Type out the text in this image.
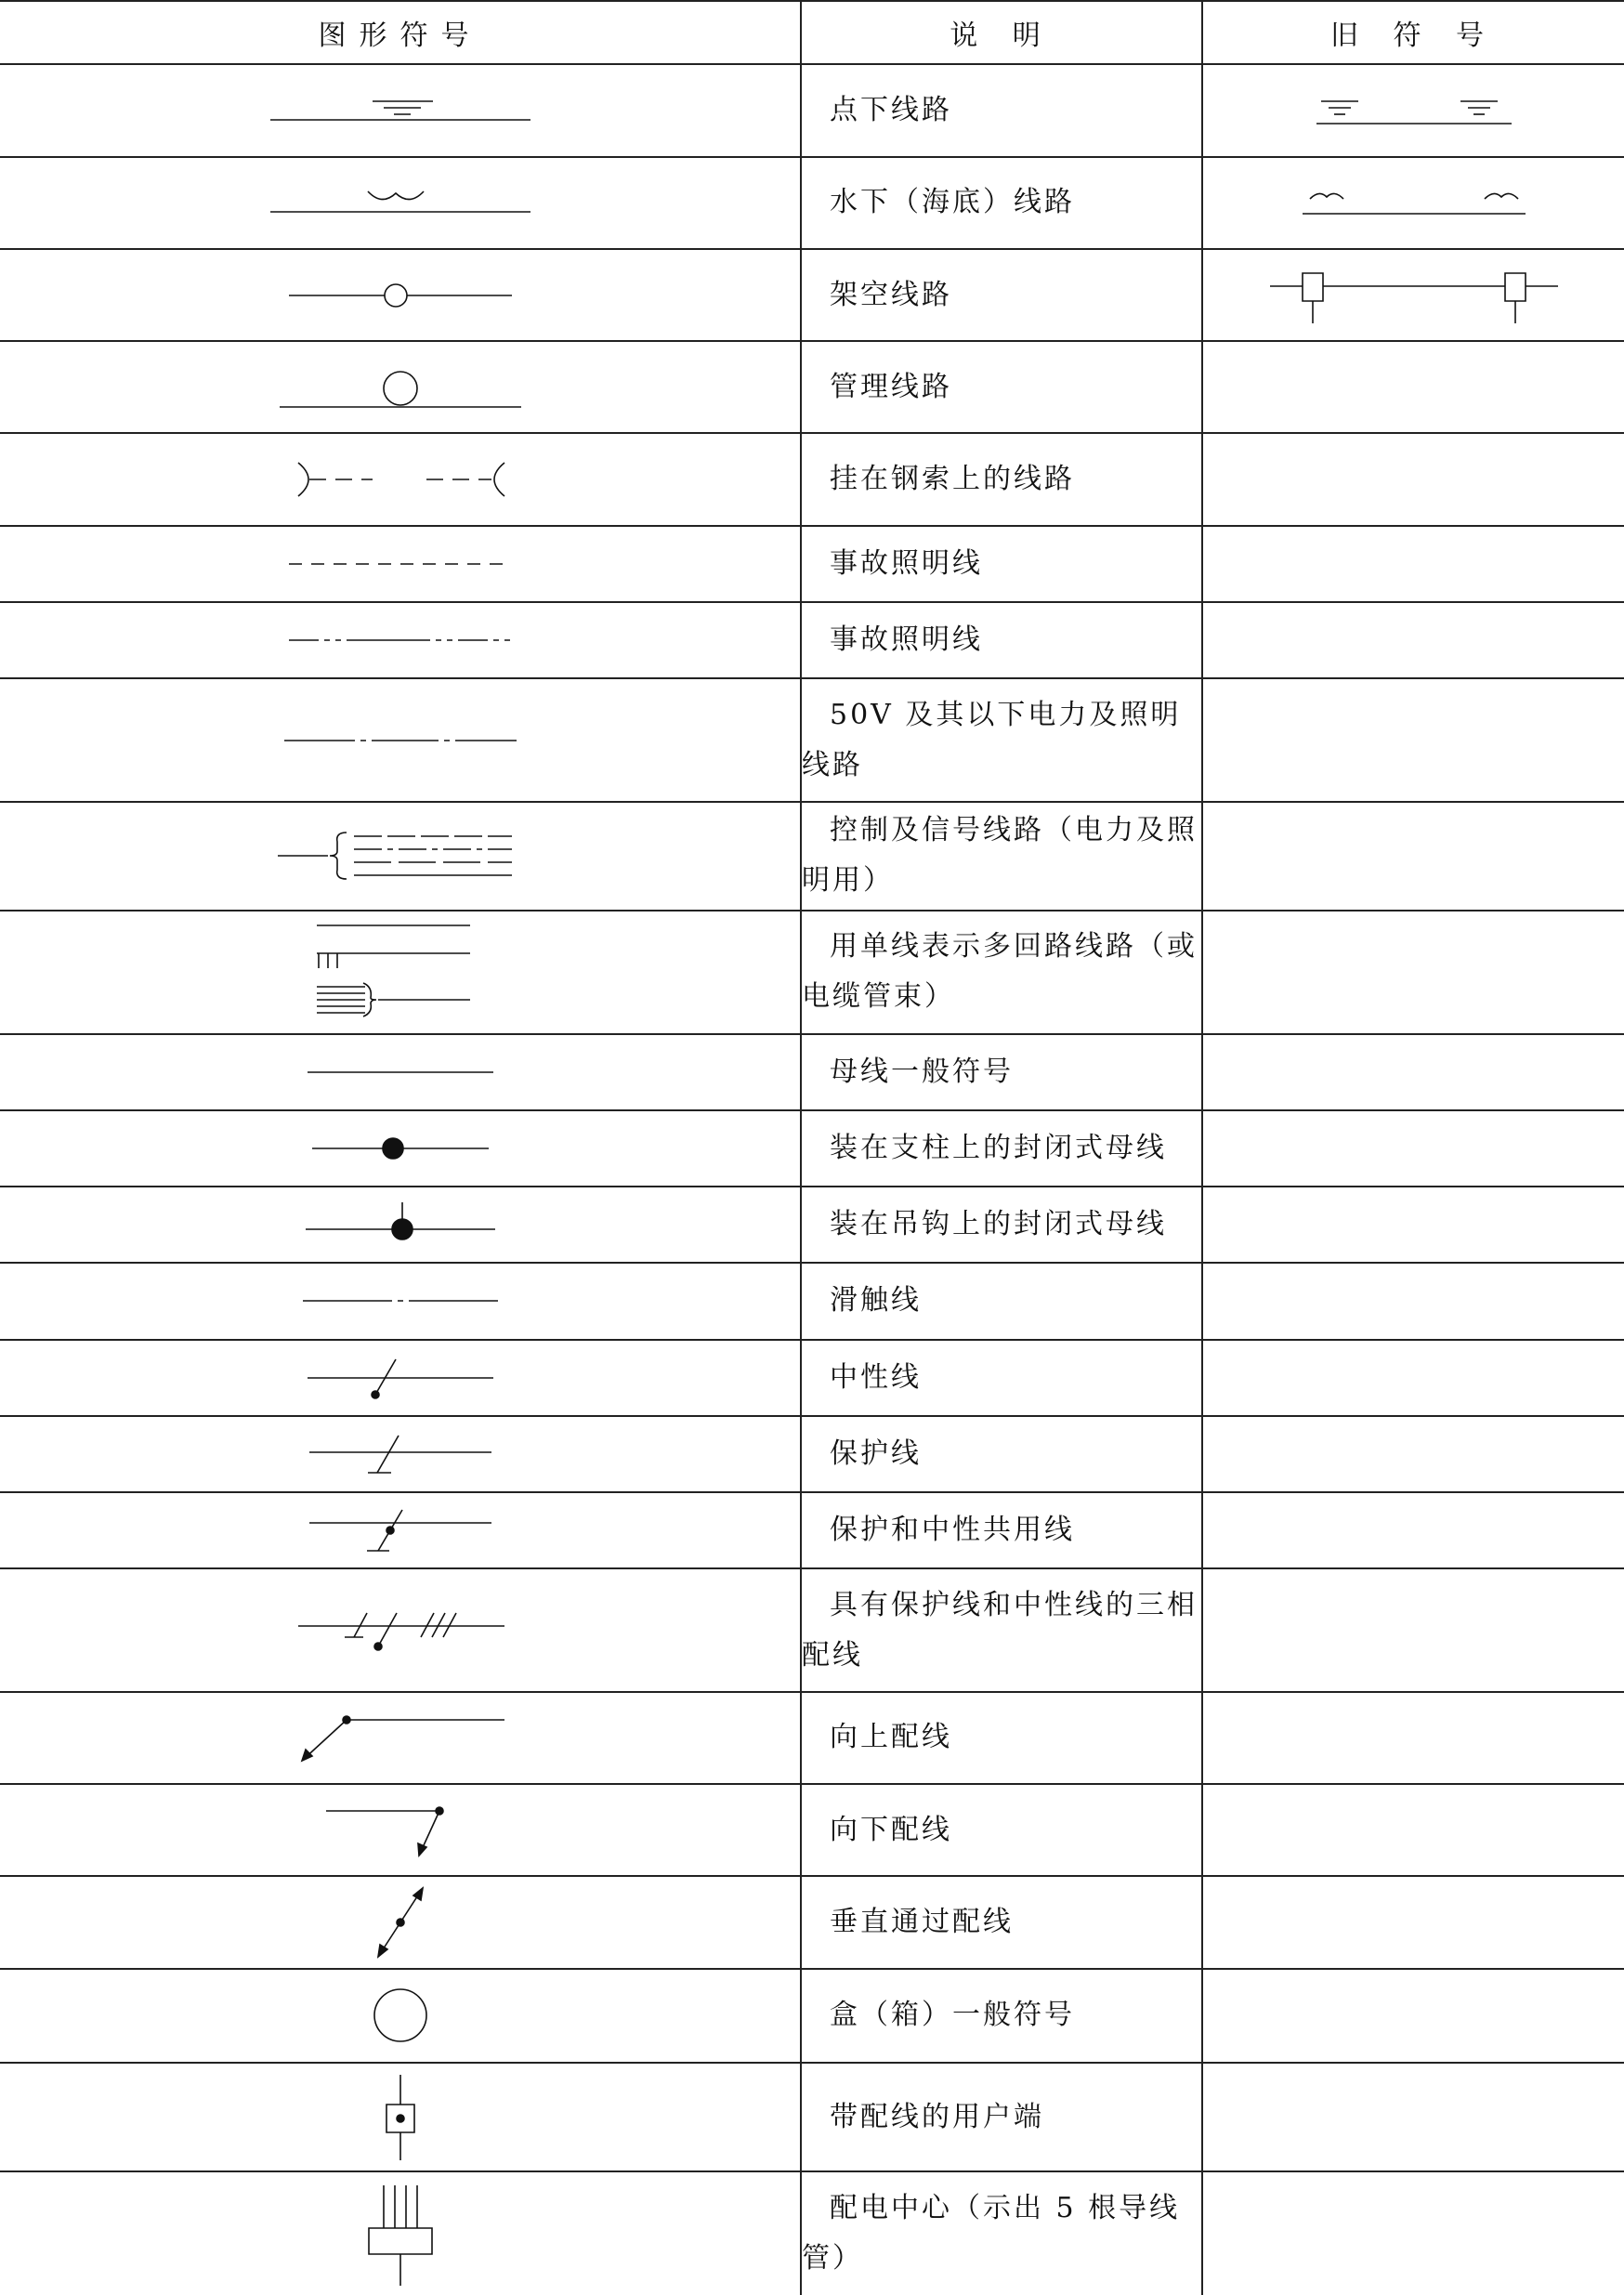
图形符号	说 明	旧 符 号

	点下线路	

	水下（海底）线路	

	架空线路	

	管理线路	

	挂在钢索上的线路	

	事故照明线	

	事故照明线	

	50V 及其以下电力及照明线路	

	控制及信号线路（电力及照明用）	

	用单线表示多回路线路（或电缆管束）	

	母线一般符号	

	装在支柱上的封闭式母线	

	装在吊钩上的封闭式母线	

	滑触线	

	中性线	

	保护线	

	保护和中性共用线	

	具有保护线和中性线的三相配线	

	向上配线	

	向下配线	

	垂直通过配线	

	盒（箱）一般符号	

	带配线的用户端	

	配电中心（示出 5 根导线管）	
